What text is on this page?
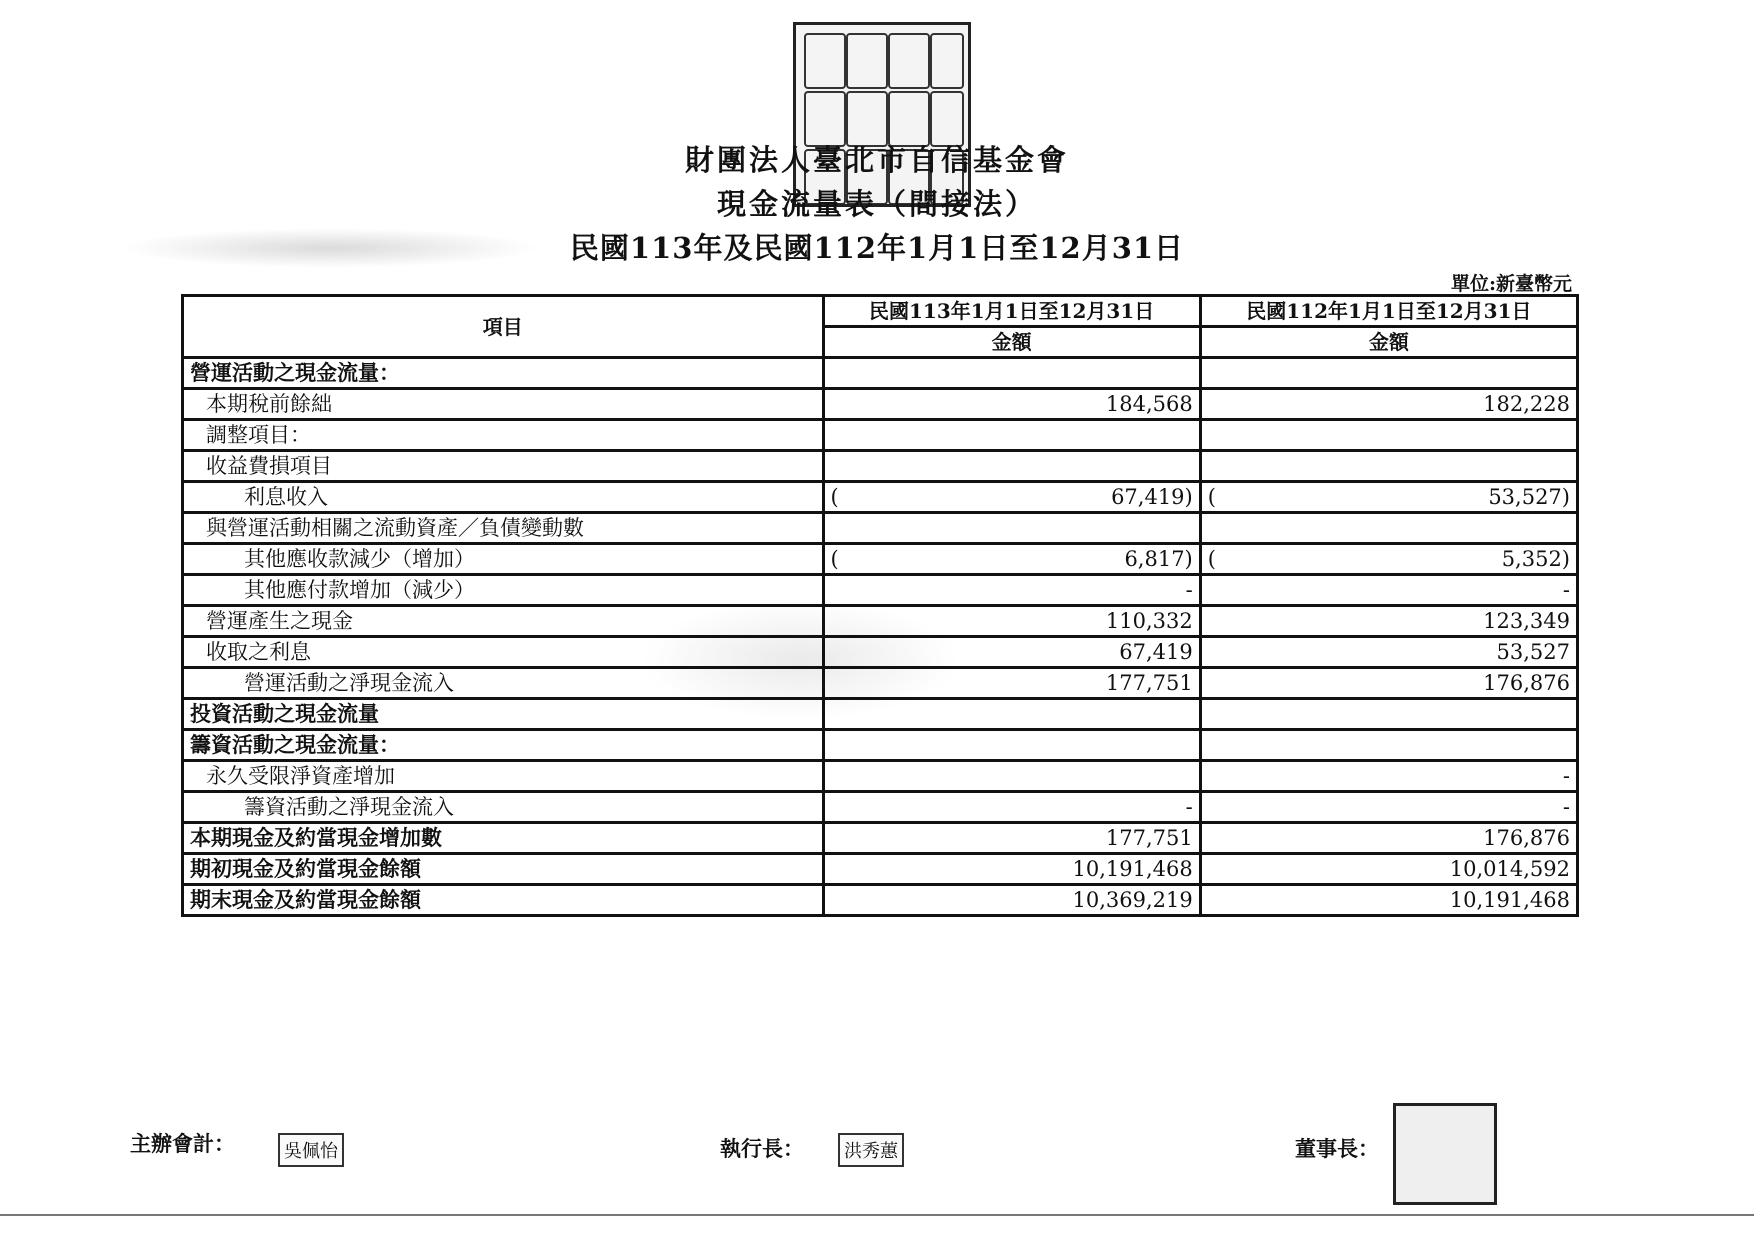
財團法人臺北市自信基金會
現金流量表（間接法）
民國113年及民國112年1月1日至12月31日
單位:新臺幣元
項目	民國113年1月1日至12月31日	民國112年1月1日至12月31日
	金額	金額
營運活動之現金流量：	

本期稅前餘絀	184,568	182,228
調整項目：	

收益費損項目	

利息收入	( 67,419)	( 53,527)
與營運活動相關之流動資產／負債變動數	

其他應收款減少（增加）	( 6,817)	( 5,352)
其他應付款增加（減少）	-	-
營運產生之現金	110,332	123,349
收取之利息	67,419	53,527
營運活動之淨現金流入	177,751	176,876
投資活動之現金流量	

籌資活動之現金流量：	

永久受限淨資產增加		-
籌資活動之淨現金流入	-	-
本期現金及約當現金增加數	177,751	176,876
期初現金及約當現金餘額	10,191,468	10,014,592
期末現金及約當現金餘額	10,369,219	10,191,468
主辦會計：	吳佩怡	執行長：	洪秀蕙	董事長：
